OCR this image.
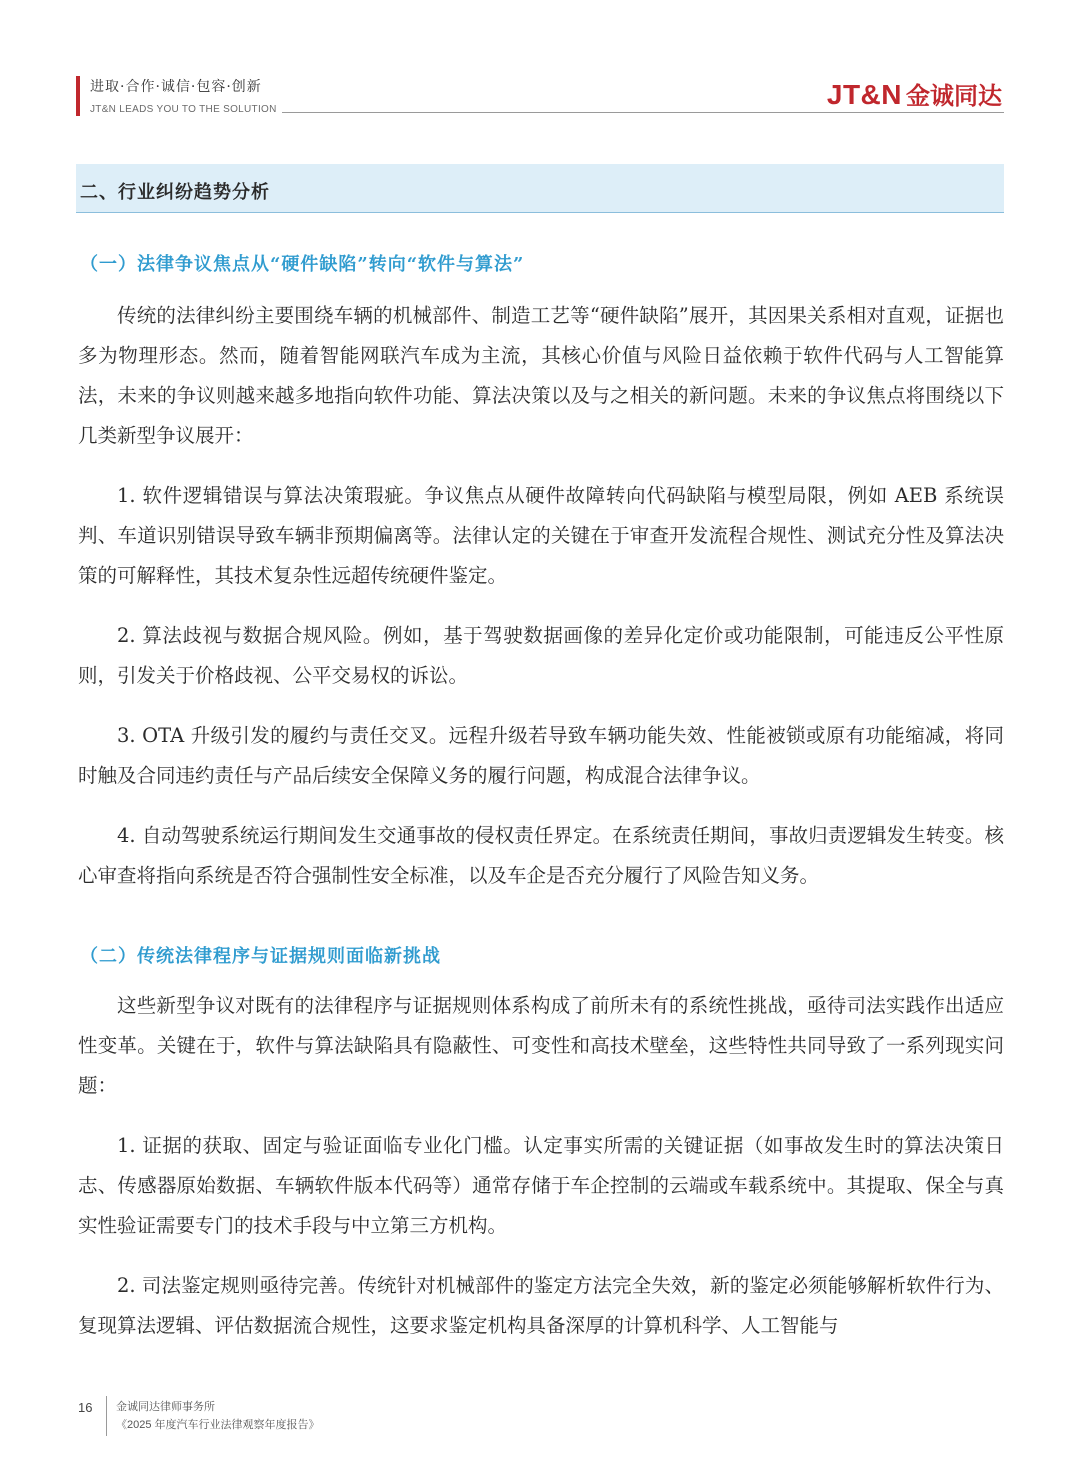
进取·合作·诚信·包容·创新
JT&N LEADS YOU TO THE SOLUTION	JT&N 金诚同达
二、行业纠纷趋势分析
（一）法律争议焦点从“硬件缺陷”转向“软件与算法”

传统的法律纠纷主要围绕车辆的机械部件、制造工艺等“硬件缺陷”展开，其因果关系相对直观，证据也多为物理形态。然而，随着智能网联汽车成为主流，其核心价值与风险日益依赖于软件代码与人工智能算法，未来的争议则越来越多地指向软件功能、算法决策以及与之相关的新问题。未来的争议焦点将围绕以下几类新型争议展开：

1. 软件逻辑错误与算法决策瑕疵。争议焦点从硬件故障转向代码缺陷与模型局限，例如 AEB 系统误判、车道识别错误导致车辆非预期偏离等。法律认定的关键在于审查开发流程合规性、测试充分性及算法决策的可解释性，其技术复杂性远超传统硬件鉴定。

2. 算法歧视与数据合规风险。例如，基于驾驶数据画像的差异化定价或功能限制，可能违反公平性原则，引发关于价格歧视、公平交易权的诉讼。

3. OTA 升级引发的履约与责任交叉。远程升级若导致车辆功能失效、性能被锁或原有功能缩减，将同时触及合同违约责任与产品后续安全保障义务的履行问题，构成混合法律争议。

4. 自动驾驶系统运行期间发生交通事故的侵权责任界定。在系统责任期间，事故归责逻辑发生转变。核心审查将指向系统是否符合强制性安全标准，以及车企是否充分履行了风险告知义务。

（二）传统法律程序与证据规则面临新挑战

这些新型争议对既有的法律程序与证据规则体系构成了前所未有的系统性挑战，亟待司法实践作出适应性变革。关键在于，软件与算法缺陷具有隐蔽性、可变性和高技术壁垒，这些特性共同导致了一系列现实问题：

1. 证据的获取、固定与验证面临专业化门槛。认定事实所需的关键证据（如事故发生时的算法决策日志、传感器原始数据、车辆软件版本代码等）通常存储于车企控制的云端或车载系统中。其提取、保全与真实性验证需要专门的技术手段与中立第三方机构。

2. 司法鉴定规则亟待完善。传统针对机械部件的鉴定方法完全失效，新的鉴定必须能够解析软件行为、复现算法逻辑、评估数据流合规性，这要求鉴定机构具备深厚的计算机科学、人工智能与

16 金诚同达律师事务所
《2025 年度汽车行业法律观察年度报告》
